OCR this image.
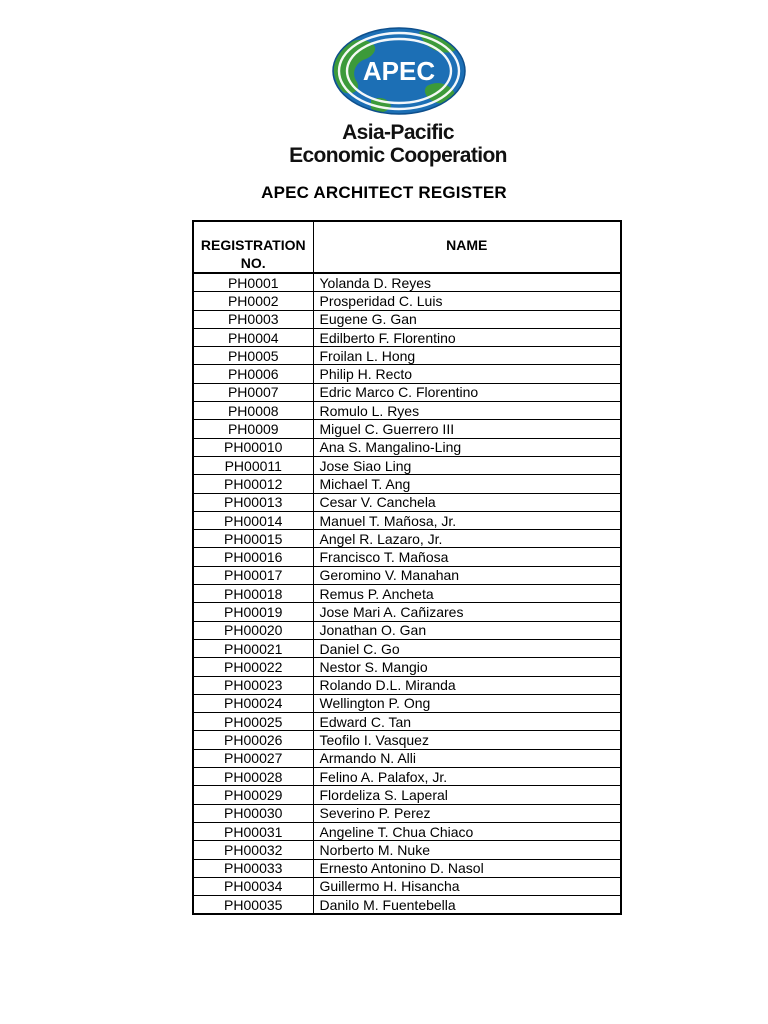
APEC
Asia-Pacific
Economic Cooperation
APEC ARCHITECT REGISTER
REGISTRATION NO.	NAME
PH0001	Yolanda D. Reyes
PH0002	Prosperidad C. Luis
PH0003	Eugene G. Gan
PH0004	Edilberto F. Florentino
PH0005	Froilan L. Hong
PH0006	Philip H. Recto
PH0007	Edric Marco C. Florentino
PH0008	Romulo L. Ryes
PH0009	Miguel C. Guerrero III
PH00010	Ana S. Mangalino-Ling
PH00011	Jose Siao Ling
PH00012	Michael T. Ang
PH00013	Cesar V. Canchela
PH00014	Manuel T. Mañosa, Jr.
PH00015	Angel R. Lazaro, Jr.
PH00016	Francisco T. Mañosa
PH00017	Geromino V. Manahan
PH00018	Remus P. Ancheta
PH00019	Jose Mari A. Cañizares
PH00020	Jonathan O. Gan
PH00021	Daniel C. Go
PH00022	Nestor S. Mangio
PH00023	Rolando D.L. Miranda
PH00024	Wellington P. Ong
PH00025	Edward C. Tan
PH00026	Teofilo I. Vasquez
PH00027	Armando N. Alli
PH00028	Felino A. Palafox, Jr.
PH00029	Flordeliza S. Laperal
PH00030	Severino P. Perez
PH00031	Angeline T. Chua Chiaco
PH00032	Norberto M. Nuke
PH00033	Ernesto Antonino D. Nasol
PH00034	Guillermo H. Hisancha
PH00035	Danilo M. Fuentebella
